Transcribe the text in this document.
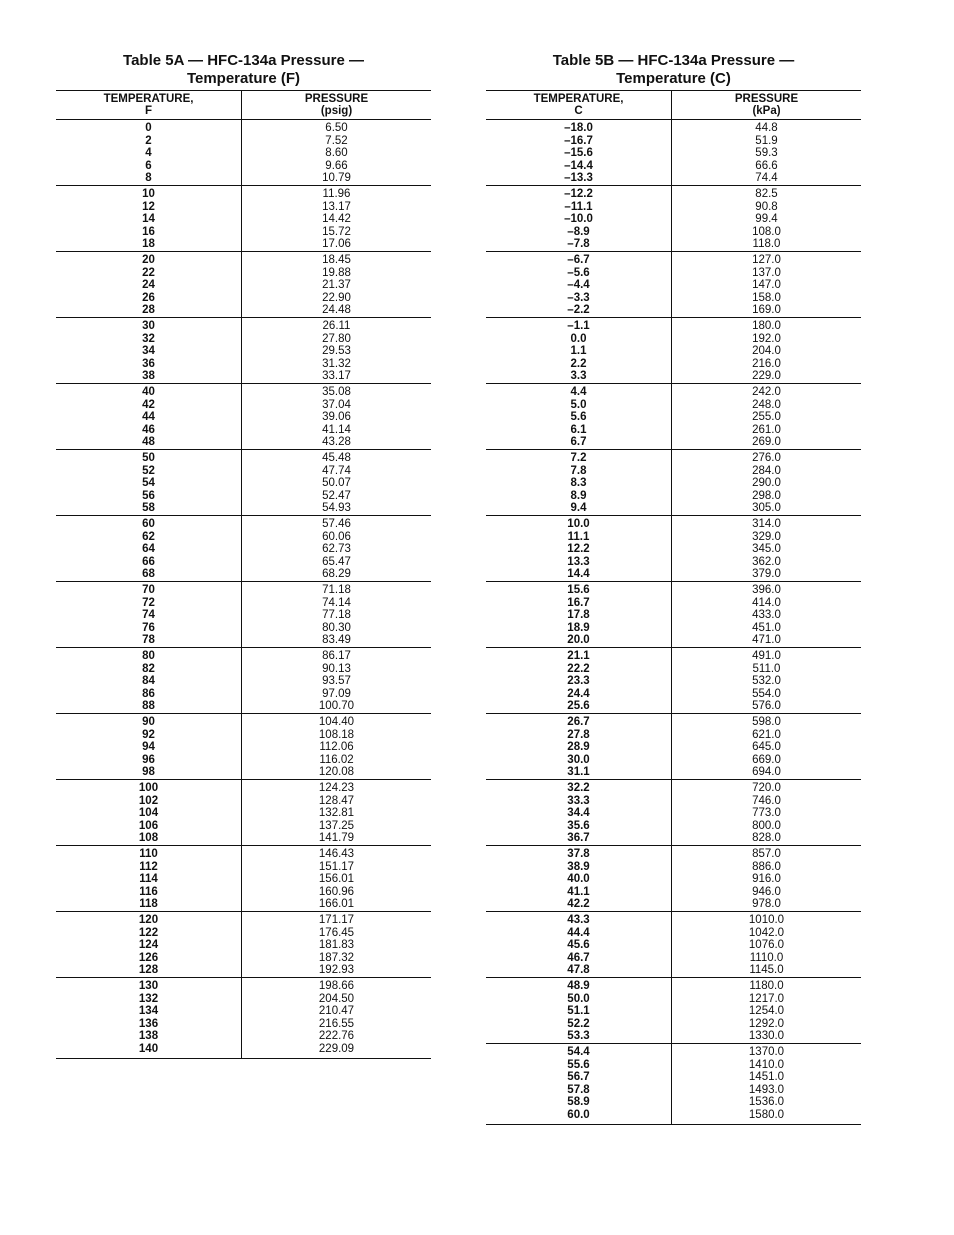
Table 5A — HFC-134a Pressure —
Temperature (F)
TEMPERATURE,
F
PRESSURE
(psig)
0
2
4
6
8
6.50
7.52
8.60
9.66
10.79
10
12
14
16
18
11.96
13.17
14.42
15.72
17.06
20
22
24
26
28
18.45
19.88
21.37
22.90
24.48
30
32
34
36
38
26.11
27.80
29.53
31.32
33.17
40
42
44
46
48
35.08
37.04
39.06
41.14
43.28
50
52
54
56
58
45.48
47.74
50.07
52.47
54.93
60
62
64
66
68
57.46
60.06
62.73
65.47
68.29
70
72
74
76
78
71.18
74.14
77.18
80.30
83.49
80
82
84
86
88
86.17
90.13
93.57
97.09
100.70
90
92
94
96
98
104.40
108.18
112.06
116.02
120.08
100
102
104
106
108
124.23
128.47
132.81
137.25
141.79
110
112
114
116
118
146.43
151.17
156.01
160.96
166.01
120
122
124
126
128
171.17
176.45
181.83
187.32
192.93
130
132
134
136
138
140
198.66
204.50
210.47
216.55
222.76
229.09
Table 5B — HFC-134a Pressure —
Temperature (C)
TEMPERATURE,
C
PRESSURE
(kPa)
–18.0
–16.7
–15.6
–14.4
–13.3
44.8
51.9
59.3
66.6
74.4
–12.2
–11.1
–10.0
–8.9
–7.8
82.5
90.8
99.4
108.0
118.0
–6.7
–5.6
–4.4
–3.3
–2.2
127.0
137.0
147.0
158.0
169.0
–1.1
0.0
1.1
2.2
3.3
180.0
192.0
204.0
216.0
229.0
4.4
5.0
5.6
6.1
6.7
242.0
248.0
255.0
261.0
269.0
7.2
7.8
8.3
8.9
9.4
276.0
284.0
290.0
298.0
305.0
10.0
11.1
12.2
13.3
14.4
314.0
329.0
345.0
362.0
379.0
15.6
16.7
17.8
18.9
20.0
396.0
414.0
433.0
451.0
471.0
21.1
22.2
23.3
24.4
25.6
491.0
511.0
532.0
554.0
576.0
26.7
27.8
28.9
30.0
31.1
598.0
621.0
645.0
669.0
694.0
32.2
33.3
34.4
35.6
36.7
720.0
746.0
773.0
800.0
828.0
37.8
38.9
40.0
41.1
42.2
857.0
886.0
916.0
946.0
978.0
43.3
44.4
45.6
46.7
47.8
1010.0
1042.0
1076.0
1110.0
1145.0
48.9
50.0
51.1
52.2
53.3
1180.0
1217.0
1254.0
1292.0
1330.0
54.4
55.6
56.7
57.8
58.9
60.0
1370.0
1410.0
1451.0
1493.0
1536.0
1580.0
